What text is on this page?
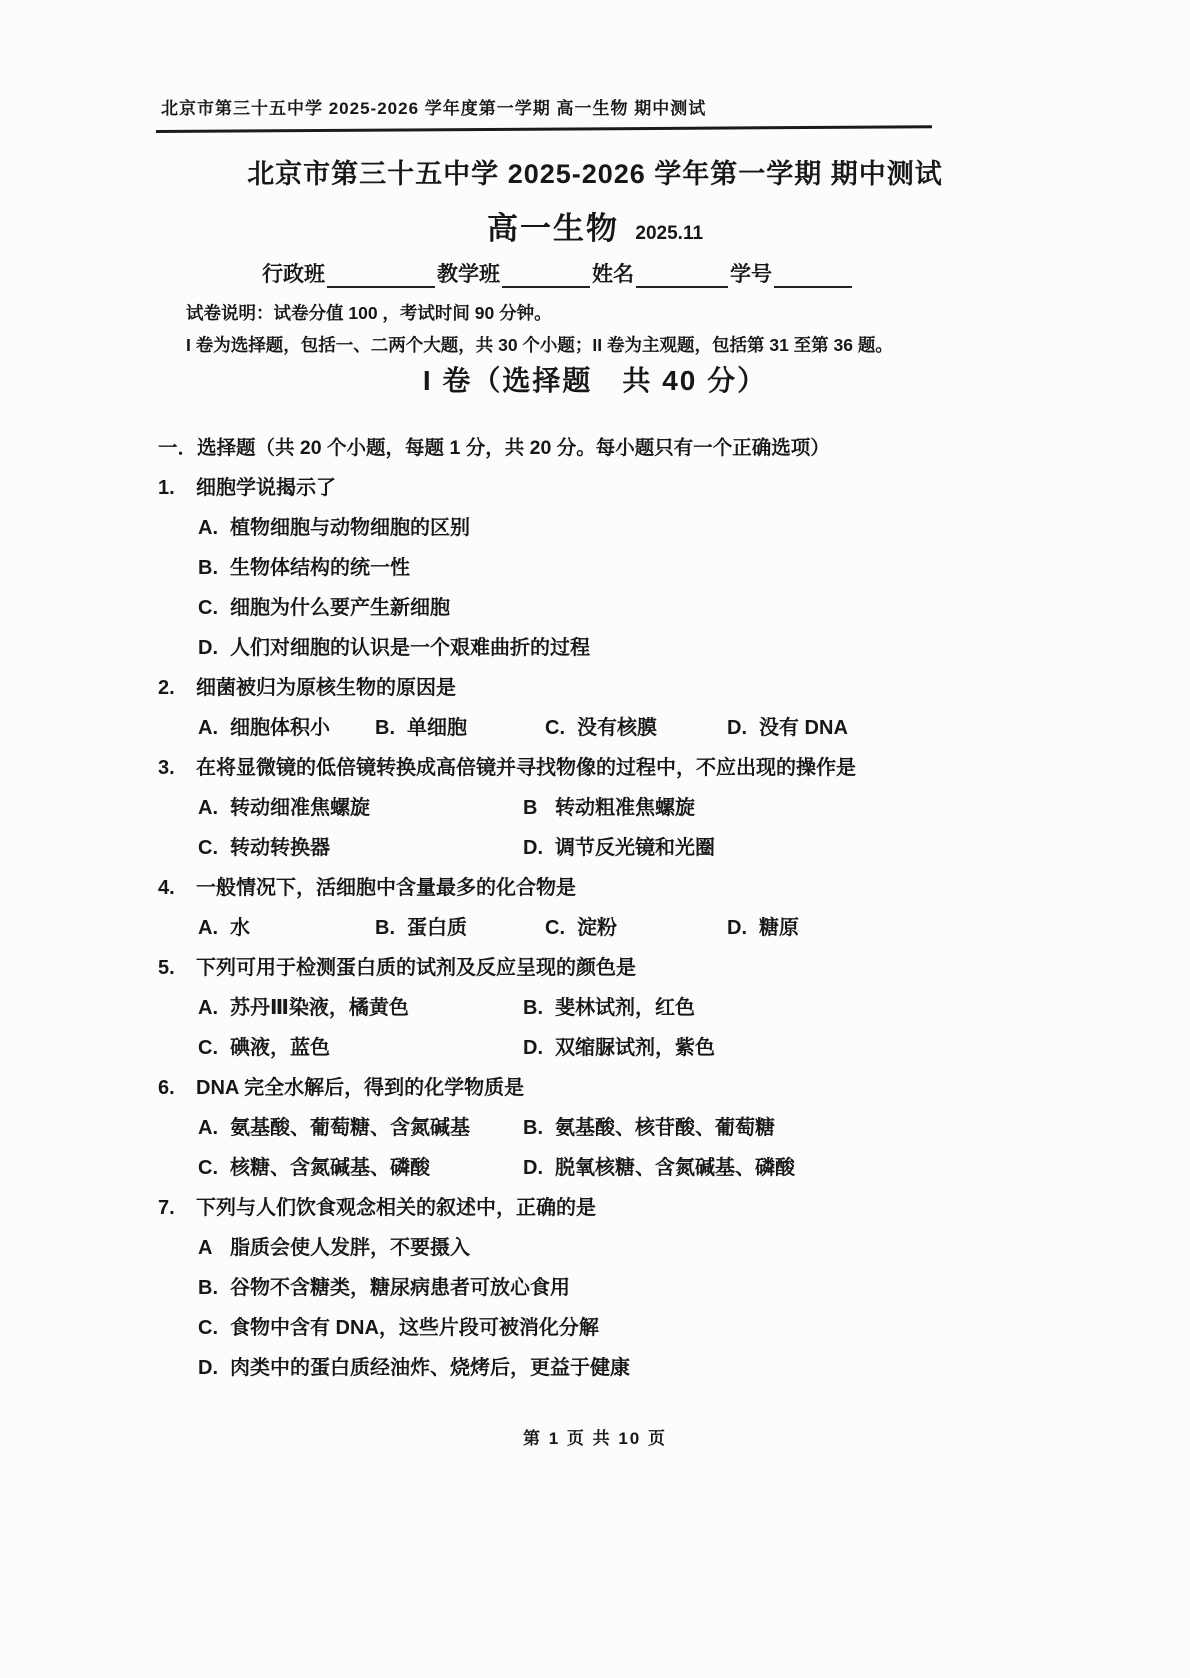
北京市第三十五中学 2025-2026 学年度第一学期 高一生物 期中测试
北京市第三十五中学 2025-2026 学年第一学期 期中测试
高一生物 2025.11
行政班	教学班	姓名	学号
试卷说明：试卷分值 100 ，考试时间 90 分钟。
I 卷为选择题，包括一、二两个大题，共 30 个小题；II 卷为主观题，包括第 31 至第 36 题。
I 卷（选择题　共 40 分）
一．选择题（共 20 个小题，每题 1 分，共 20 分。每小题只有一个正确选项）
1.	细胞学说揭示了
A. 植物细胞与动物细胞的区别
B. 生物体结构的统一性
C. 细胞为什么要产生新细胞
D. 人们对细胞的认识是一个艰难曲折的过程
2.	细菌被归为原核生物的原因是
A. 细胞体积小	B. 单细胞	C. 没有核膜	D. 没有 DNA
3.	在将显微镜的低倍镜转换成高倍镜并寻找物像的过程中，不应出现的操作是
A. 转动细准焦螺旋	B 转动粗准焦螺旋
C. 转动转换器	D. 调节反光镜和光圈
4.	一般情况下，活细胞中含量最多的化合物是
A. 水	B. 蛋白质	C. 淀粉	D. 糖原
5.	下列可用于检测蛋白质的试剂及反应呈现的颜色是
A. 苏丹Ⅲ染液，橘黄色	B. 斐林试剂，红色
C. 碘液，蓝色	D. 双缩脲试剂，紫色
6.	DNA 完全水解后，得到的化学物质是
A. 氨基酸、葡萄糖、含氮碱基	B. 氨基酸、核苷酸、葡萄糖
C. 核糖、含氮碱基、磷酸	D. 脱氧核糖、含氮碱基、磷酸
7.	下列与人们饮食观念相关的叙述中，正确的是
A 脂质会使人发胖，不要摄入
B. 谷物不含糖类，糖尿病患者可放心食用
C. 食物中含有 DNA，这些片段可被消化分解
D. 肉类中的蛋白质经油炸、烧烤后，更益于健康
第 1 页 共 10 页
